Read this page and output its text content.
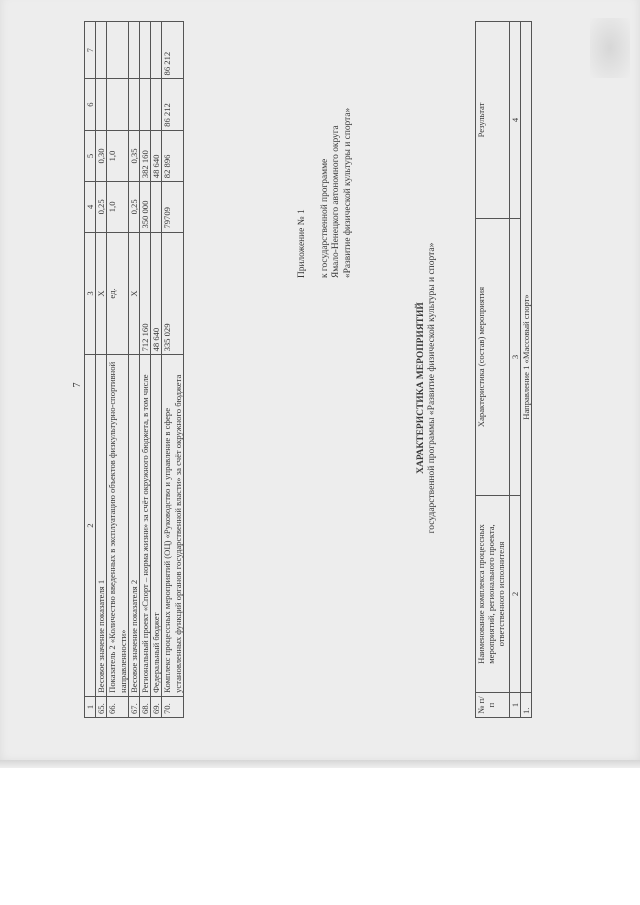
7
1	2	3	4	5	6	7
65.	Весовое значение показателя 1	X	0,25	0,30		
66.	Показатель 2 «Количество введенных в эксплуатацию объектов физкультурно-спортивной направленности»	ед.	1,0	1,0		
67.	Весовое значение показателя 2	X	0,25	0,35		
68.	Региональный проект «Спорт – норма жизни» за счёт окружного бюджета, в том числе	712 160	350 000	382 160		
69.	Федеральный бюджет	48 640		48 640		
70.	Комплекс процессных мероприятий (ОЦ) «Руководство и управление в сфере установленных функций органов государственной власти» за счёт окружного бюджета	335 029	79709	82 896	86 212	86 212
Приложение № 1 к государственной программе Ямало-Ненецкого автономного округа «Развитие физической культуры и спорта»
ХАРАКТЕРИСТИКА МЕРОПРИЯТИЙ государственной программы «Развитие физической культуры и спорта»
№ п/п	Наименование комплекса процессных мероприятий, регионального проекта, ответственного исполнителя	Характеристика (состав) мероприятия	Результат
1	2	3	4
1.	Направление 1 «Массовый спорт»		
